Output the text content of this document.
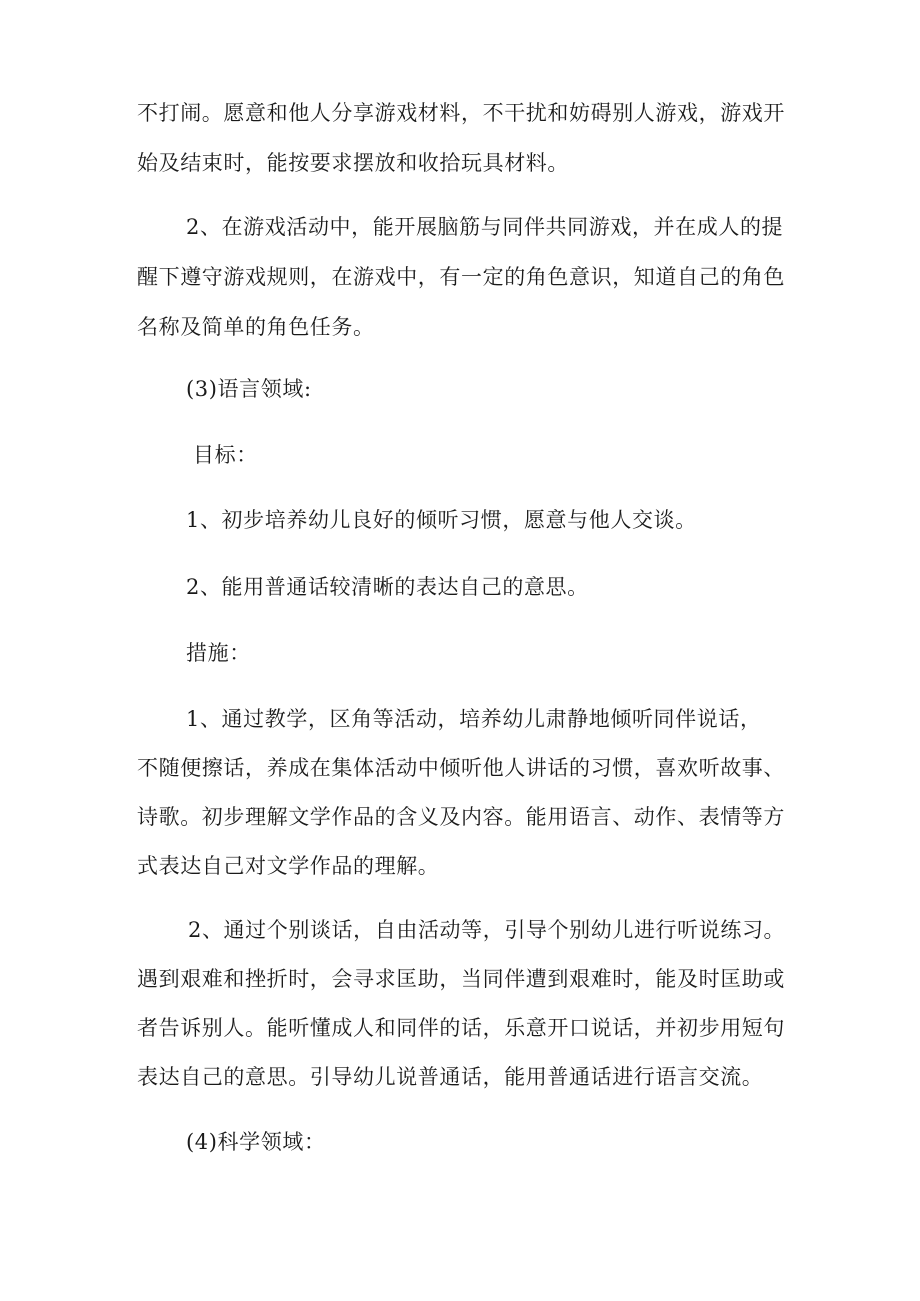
不打闹。愿意和他人分享游戏材料，不干扰和妨碍别人游戏，游戏开
始及结束时，能按要求摆放和收拾玩具材料。
2、在游戏活动中，能开展脑筋与同伴共同游戏，并在成人的提
醒下遵守游戏规则，在游戏中，有一定的角色意识，知道自己的角色
名称及简单的角色任务。
(3)语言领域:
目标：
1、初步培养幼儿良好的倾听习惯，愿意与他人交谈。
2、能用普通话较清晰的表达自己的意思。
措施：
1、通过教学，区角等活动，培养幼儿肃静地倾听同伴说话，
不随便擦话，养成在集体活动中倾听他人讲话的习惯，喜欢听故事、
诗歌。初步理解文学作品的含义及内容。能用语言、动作、表情等方
式表达自己对文学作品的理解。
2、通过个别谈话，自由活动等，引导个别幼儿进行听说练习。
遇到艰难和挫折时，会寻求匡助，当同伴遭到艰难时，能及时匡助或
者告诉别人。能听懂成人和同伴的话，乐意开口说话，并初步用短句
表达自己的意思。引导幼儿说普通话，能用普通话进行语言交流。
(4)科学领域：
